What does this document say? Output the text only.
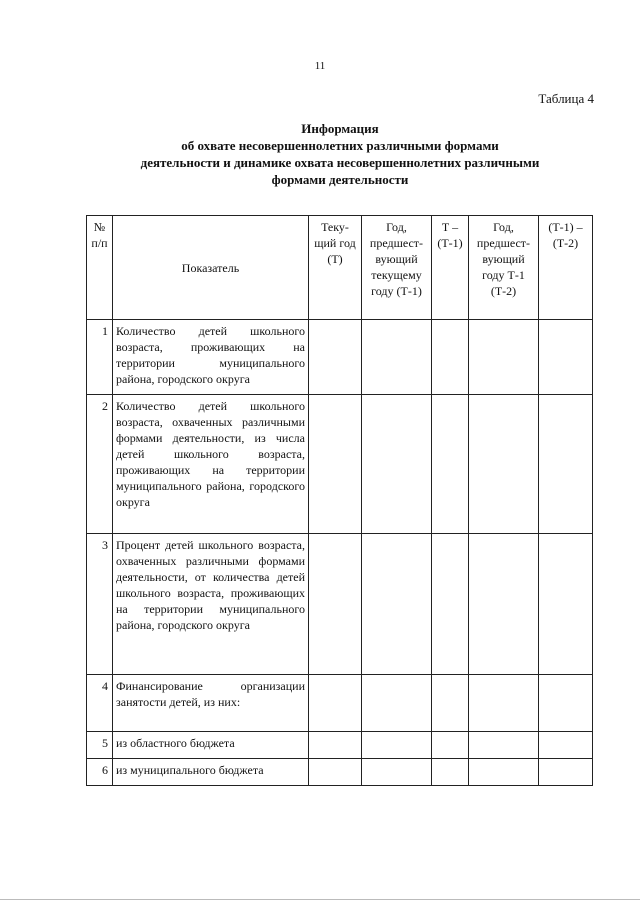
11
Таблица 4
Информация
об охвате несовершеннолетних различными формами
деятельности и динамике охвата несовершеннолетних различными
формами деятельности
№ п/п	Показатель	Теку-щий год (Т)	Год, предшест-вующий текущему году (Т-1)	Т – (Т-1)	Год, предшест-вующий году Т-1 (Т-2)	(Т-1) – (Т-2)
1	Количество детей школьного возраста, проживающих на территории муниципального района, городского округа					
2	Количество детей школьного возраста, охваченных различными формами деятельности, из числа детей школьного возраста, проживающих на территории муниципального района, городского округа					
3	Процент детей школьного возраста, охваченных различными формами деятельности, от количества детей школьного возраста, проживающих на территории муниципального района, городского округа					
4	Финансирование организации занятости детей, из них:					
5	из областного бюджета					
6	из муниципального бюджета					
